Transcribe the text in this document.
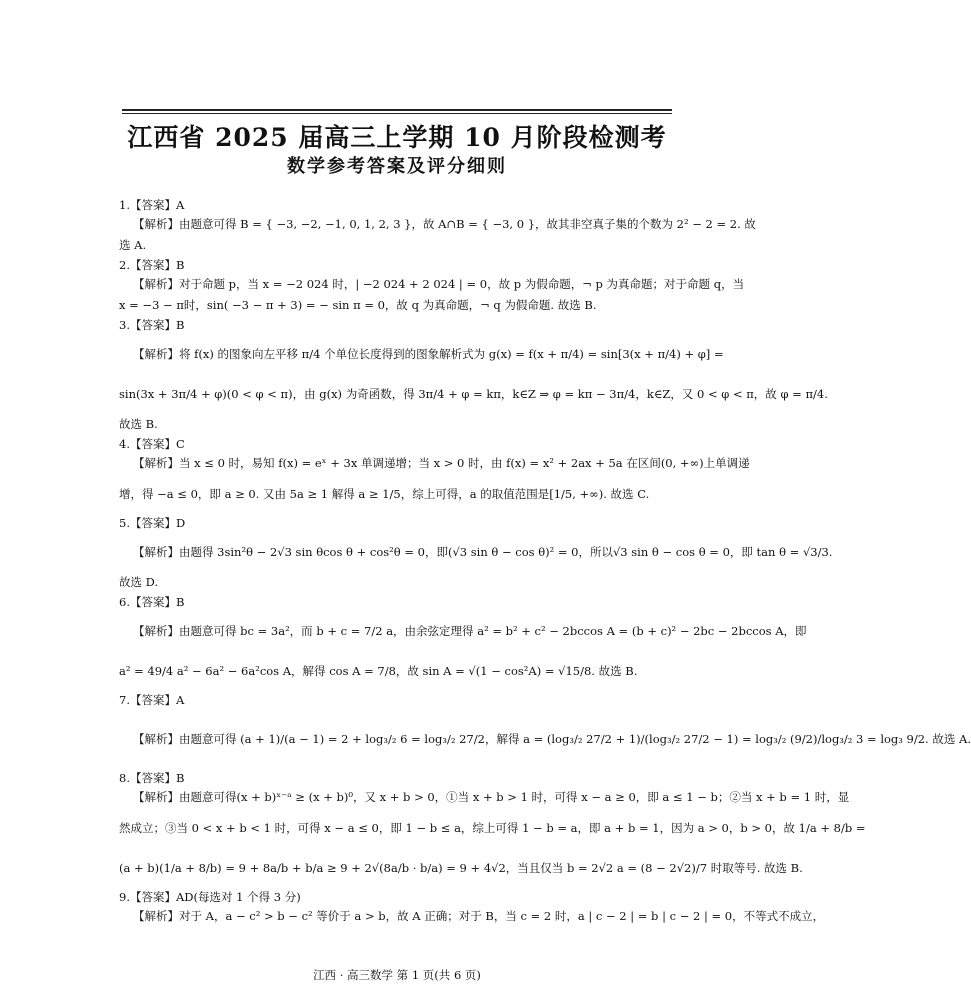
江西省 2025 届高三上学期 10 月阶段检测考
数学参考答案及评分细则
1.【答案】A
【解析】由题意可得 B = { −3, −2, −1, 0, 1, 2, 3 }，故 A∩B = { −3, 0 }，故其非空真子集的个数为 2² − 2 = 2. 故
选 A.
2.【答案】B
【解析】对于命题 p，当 x = −2 024 时，| −2 024 + 2 024 | = 0，故 p 为假命题，¬ p 为真命题；对于命题 q，当
x = −3 − π时，sin( −3 − π + 3) = − sin π = 0，故 q 为真命题，¬ q 为假命题. 故选 B.
3.【答案】B
【解析】将 f(x) 的图象向左平移 π/4 个单位长度得到的图象解析式为 g(x) = f(x + π/4) = sin[3(x + π/4) + φ] =
sin(3x + 3π/4 + φ)(0 < φ < π)，由 g(x) 为奇函数，得 3π/4 + φ = kπ，k∈Z ⇒ φ = kπ − 3π/4，k∈Z，又 0 < φ < π，故 φ = π/4.
故选 B.
4.【答案】C
【解析】当 x ≤ 0 时，易知 f(x) = eˣ + 3x 单调递增；当 x > 0 时，由 f(x) = x² + 2ax + 5a 在区间(0, +∞)上单调递
增，得 −a ≤ 0，即 a ≥ 0. 又由 5a ≥ 1 解得 a ≥ 1/5，综上可得，a 的取值范围是[1/5, +∞). 故选 C.
5.【答案】D
【解析】由题得 3sin²θ − 2√3 sin θcos θ + cos²θ = 0，即(√3 sin θ − cos θ)² = 0，所以√3 sin θ − cos θ = 0，即 tan θ = √3/3.
故选 D.
6.【答案】B
【解析】由题意可得 bc = 3a²，而 b + c = 7/2 a，由余弦定理得 a² = b² + c² − 2bccos A = (b + c)² − 2bc − 2bccos A，即
a² = 49/4 a² − 6a² − 6a²cos A，解得 cos A = 7/8，故 sin A = √(1 − cos²A) = √15/8. 故选 B.
7.【答案】A
【解析】由题意可得 (a + 1)/(a − 1) = 2 + log₃/₂ 6 = log₃/₂ 27/2，解得 a = (log₃/₂ 27/2 + 1)/(log₃/₂ 27/2 − 1) = log₃/₂ (9/2)/log₃/₂ 3 = log₃ 9/2. 故选 A.
8.【答案】B
【解析】由题意可得(x + b)ˣ⁻ᵃ ≥ (x + b)⁰，又 x + b > 0，①当 x + b > 1 时，可得 x − a ≥ 0，即 a ≤ 1 − b；②当 x + b = 1 时，显
然成立；③当 0 < x + b < 1 时，可得 x − a ≤ 0，即 1 − b ≤ a，综上可得 1 − b = a，即 a + b = 1，因为 a > 0，b > 0，故 1/a + 8/b =
(a + b)(1/a + 8/b) = 9 + 8a/b + b/a ≥ 9 + 2√(8a/b · b/a) = 9 + 4√2，当且仅当 b = 2√2 a = (8 − 2√2)/7 时取等号. 故选 B.
9.【答案】AD(每选对 1 个得 3 分)
【解析】对于 A，a − c² > b − c² 等价于 a > b，故 A 正确；对于 B，当 c = 2 时，a | c − 2 | = b | c − 2 | = 0，不等式不成立，
江西 · 高三数学 第 1 页(共 6 页)
